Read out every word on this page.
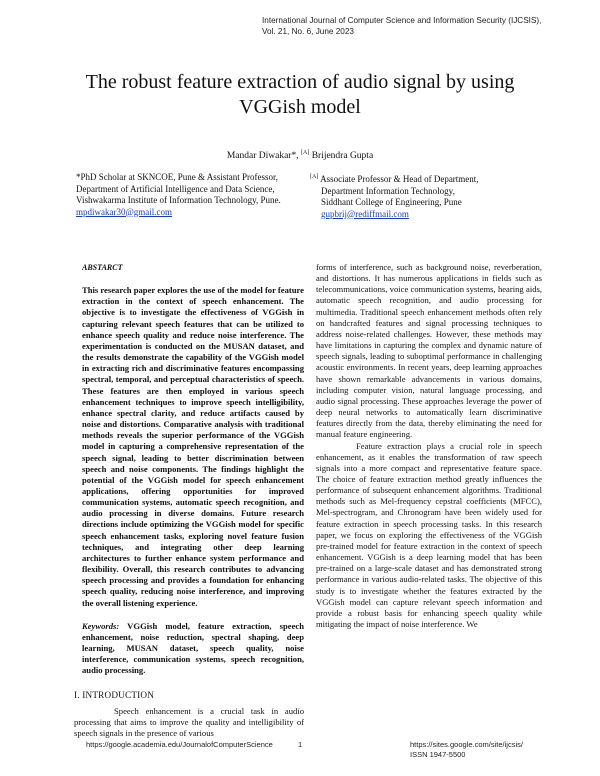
International Journal of Computer Science and Information Security (IJCSIS),
Vol. 21, No. 6, June 2023
The robust feature extraction of audio signal by using
VGGish model
Mandar Diwakar*, [A] Brijendra Gupta
*PhD Scholar at SKNCOE, Pune & Assistant Professor,
Department of Artificial Intelligence and Data Science,
Vishwakarma Institute of Information Technology, Pune.
mpdiwakar30@gmail.com
[A] Associate Professor & Head of Department,
Department Information Technology,
Siddhant College of Engineering, Pune
gupbrij@rediffmail.com

ABSTARCT

This research paper explores the use of the model for feature extraction in the context of speech enhancement. The objective is to investigate the effectiveness of VGGish in capturing relevant speech features that can be utilized to enhance speech quality and reduce noise interference. The experimentation is conducted on the MUSAN dataset, and the results demonstrate the capability of the VGGish model in extracting rich and discriminative features encompassing spectral, temporal, and perceptual characteristics of speech. These features are then employed in various speech enhancement techniques to improve speech intelligibility, enhance spectral clarity, and reduce artifacts caused by noise and distortions. Comparative analysis with traditional methods reveals the superior performance of the VGGish model in capturing a comprehensive representation of the speech signal, leading to better discrimination between speech and noise components. The findings highlight the potential of the VGGish model for speech enhancement applications, offering opportunities for improved communication systems, automatic speech recognition, and audio processing in diverse domains. Future research directions include optimizing the VGGish model for specific speech enhancement tasks, exploring novel feature fusion techniques, and integrating other deep learning architectures to further enhance system performance and flexibility. Overall, this research contributes to advancing speech processing and provides a foundation for enhancing speech quality, reducing noise interference, and improving the overall listening experience.

Keywords: VGGish model, feature extraction, speech enhancement, noise reduction, spectral shaping, deep learning, MUSAN dataset, speech quality, noise interference, communication systems, speech recognition, audio processing.

I. INTRODUCTION

Speech enhancement is a crucial task in audio processing that aims to improve the quality and intelligibility of speech signals in the presence of various

forms of interference, such as background noise, reverberation, and distortions. It has numerous applications in fields such as telecommunications, voice communication systems, hearing aids, automatic speech recognition, and audio processing for multimedia. Traditional speech enhancement methods often rely on handcrafted features and signal processing techniques to address noise-related challenges. However, these methods may have limitations in capturing the complex and dynamic nature of speech signals, leading to suboptimal performance in challenging acoustic environments. In recent years, deep learning approaches have shown remarkable advancements in various domains, including computer vision, natural language processing, and audio signal processing. These approaches leverage the power of deep neural networks to automatically learn discriminative features directly from the data, thereby eliminating the need for manual feature engineering.

Feature extraction plays a crucial role in speech enhancement, as it enables the transformation of raw speech signals into a more compact and representative feature space. The choice of feature extraction method greatly influences the performance of subsequent enhancement algorithms. Traditional methods such as Mel-frequency cepstral coefficients (MFCC), Mel-spectrogram, and Chronogram have been widely used for feature extraction in speech processing tasks. In this research paper, we focus on exploring the effectiveness of the VGGish pre-trained model for feature extraction in the context of speech enhancement. VGGish is a deep learning model that has been pre-trained on a large-scale dataset and has demonstrated strong performance in various audio-related tasks. The objective of this study is to investigate whether the features extracted by the VGGish model can capture relevant speech information and provide a robust basis for enhancing speech quality while mitigating the impact of noise interference. We

https://google.academia.edu/JournalofComputerScience	1	https://sites.google.com/site/ijcsis/
ISSN 1947-5500
